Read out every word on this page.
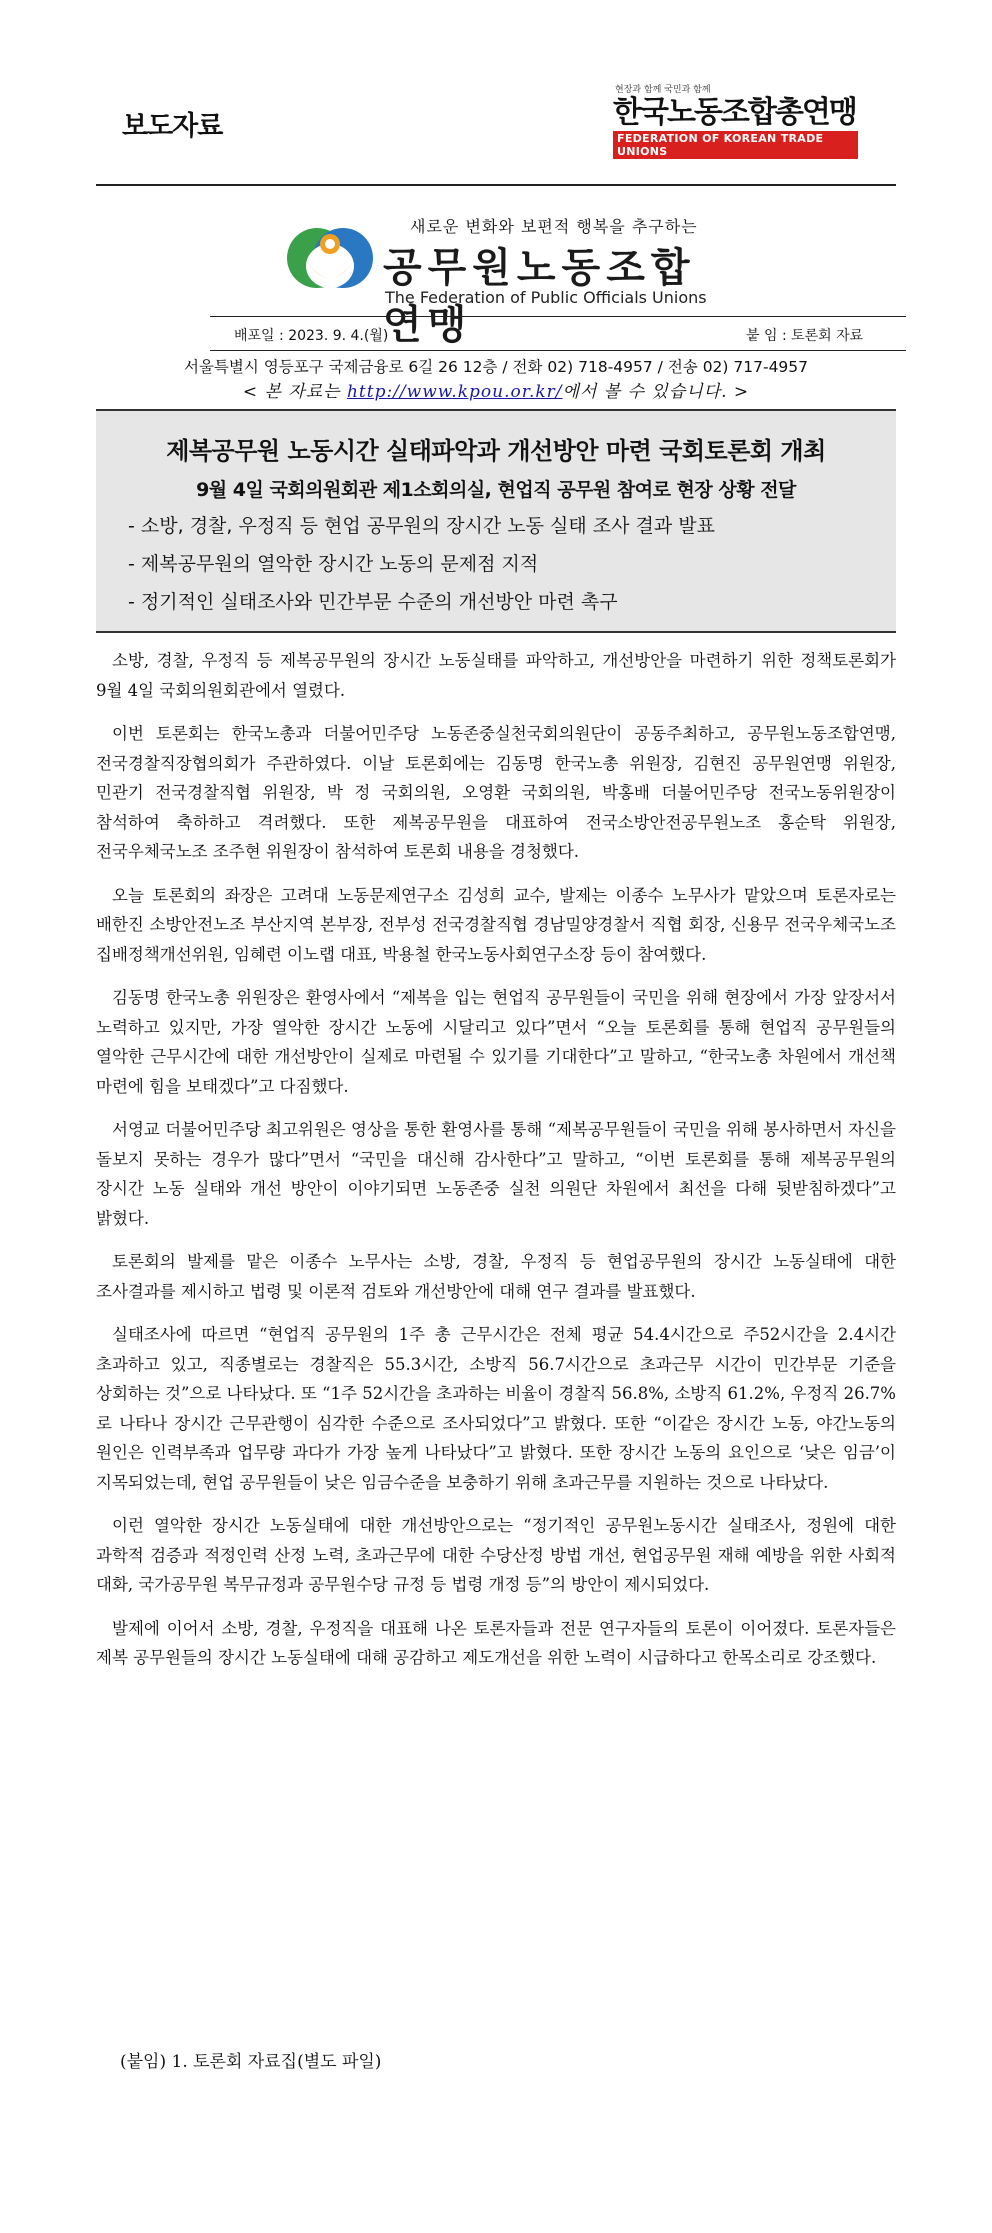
보도자료
현장과 함께 국민과 함께
한국노동조합총연맹
FEDERATION OF KOREAN TRADE UNIONS
새로운 변화와 보편적 행복을 추구하는
공무원노동조합연맹
The Federation of Public Officials Unions
배포일 : 2023. 9. 4.(월)	붙 임 : 토론회 자료
서울특별시 영등포구 국제금융로 6길 26 12층 / 전화 02) 718-4957 / 전송 02) 717-4957
< 본 자료는 http://www.kpou.or.kr/에서 볼 수 있습니다. >
제복공무원 노동시간 실태파악과 개선방안 마련 국회토론회 개최
9월 4일 국회의원회관 제1소회의실, 현업직 공무원 참여로 현장 상황 전달
- 소방, 경찰, 우정직 등 현업 공무원의 장시간 노동 실태 조사 결과 발표
- 제복공무원의 열악한 장시간 노동의 문제점 지적
- 정기적인 실태조사와 민간부문 수준의 개선방안 마련 촉구

소방, 경찰, 우정직 등 제복공무원의 장시간 노동실태를 파악하고, 개선방안을 마련하기 위한 정책토론회가 9월 4일 국회의원회관에서 열렸다.

이번 토론회는 한국노총과 더불어민주당 노동존중실천국회의원단이 공동주최하고, 공무원노동조합연맹, 전국경찰직장협의회가 주관하였다. 이날 토론회에는 김동명 한국노총 위원장, 김현진 공무원연맹 위원장, 민관기 전국경찰직협 위원장, 박 정 국회의원, 오영환 국회의원, 박홍배 더불어민주당 전국노동위원장이 참석하여 축하하고 격려했다. 또한 제복공무원을 대표하여 전국소방안전공무원노조 홍순탁 위원장, 전국우체국노조 조주현 위원장이 참석하여 토론회 내용을 경청했다.

오늘 토론회의 좌장은 고려대 노동문제연구소 김성희 교수, 발제는 이종수 노무사가 맡았으며 토론자로는 배한진 소방안전노조 부산지역 본부장, 전부성 전국경찰직협 경남밀양경찰서 직협 회장, 신용무 전국우체국노조 집배정책개선위원, 임혜련 이노랩 대표, 박용철 한국노동사회연구소장 등이 참여했다.

김동명 한국노총 위원장은 환영사에서 “제복을 입는 현업직 공무원들이 국민을 위해 현장에서 가장 앞장서서 노력하고 있지만, 가장 열악한 장시간 노동에 시달리고 있다”면서 “오늘 토론회를 통해 현업직 공무원들의 열악한 근무시간에 대한 개선방안이 실제로 마련될 수 있기를 기대한다”고 말하고, “한국노총 차원에서 개선책 마련에 힘을 보태겠다”고 다짐했다.

서영교 더불어민주당 최고위원은 영상을 통한 환영사를 통해 “제복공무원들이 국민을 위해 봉사하면서 자신을 돌보지 못하는 경우가 많다”면서 “국민을 대신해 감사한다”고 말하고, “이번 토론회를 통해 제복공무원의 장시간 노동 실태와 개선 방안이 이야기되면 노동존중 실천 의원단 차원에서 최선을 다해 뒷받침하겠다”고 밝혔다.

토론회의 발제를 맡은 이종수 노무사는 소방, 경찰, 우정직 등 현업공무원의 장시간 노동실태에 대한 조사결과를 제시하고 법령 및 이론적 검토와 개선방안에 대해 연구 결과를 발표했다.

실태조사에 따르면 “현업직 공무원의 1주 총 근무시간은 전체 평균 54.4시간으로 주52시간을 2.4시간 초과하고 있고, 직종별로는 경찰직은 55.3시간, 소방직 56.7시간으로 초과근무 시간이 민간부문 기준을 상회하는 것”으로 나타났다. 또 “1주 52시간을 초과하는 비율이 경찰직 56.8%, 소방직 61.2%, 우정직 26.7%로 나타나 장시간 근무관행이 심각한 수준으로 조사되었다”고 밝혔다. 또한 “이같은 장시간 노동, 야간노동의 원인은 인력부족과 업무량 과다가 가장 높게 나타났다”고 밝혔다. 또한 장시간 노동의 요인으로 ‘낮은 임금’이 지목되었는데, 현업 공무원들이 낮은 임금수준을 보충하기 위해 초과근무를 지원하는 것으로 나타났다.

이런 열악한 장시간 노동실태에 대한 개선방안으로는 “정기적인 공무원노동시간 실태조사, 정원에 대한 과학적 검증과 적정인력 산정 노력, 초과근무에 대한 수당산정 방법 개선, 현업공무원 재해 예방을 위한 사회적 대화, 국가공무원 복무규정과 공무원수당 규정 등 법령 개정 등”의 방안이 제시되었다.

발제에 이어서 소방, 경찰, 우정직을 대표해 나온 토론자들과 전문 연구자들의 토론이 이어졌다. 토론자들은 제복 공무원들의 장시간 노동실태에 대해 공감하고 제도개선을 위한 노력이 시급하다고 한목소리로 강조했다.

(붙임) 1. 토론회 자료집(별도 파일)
